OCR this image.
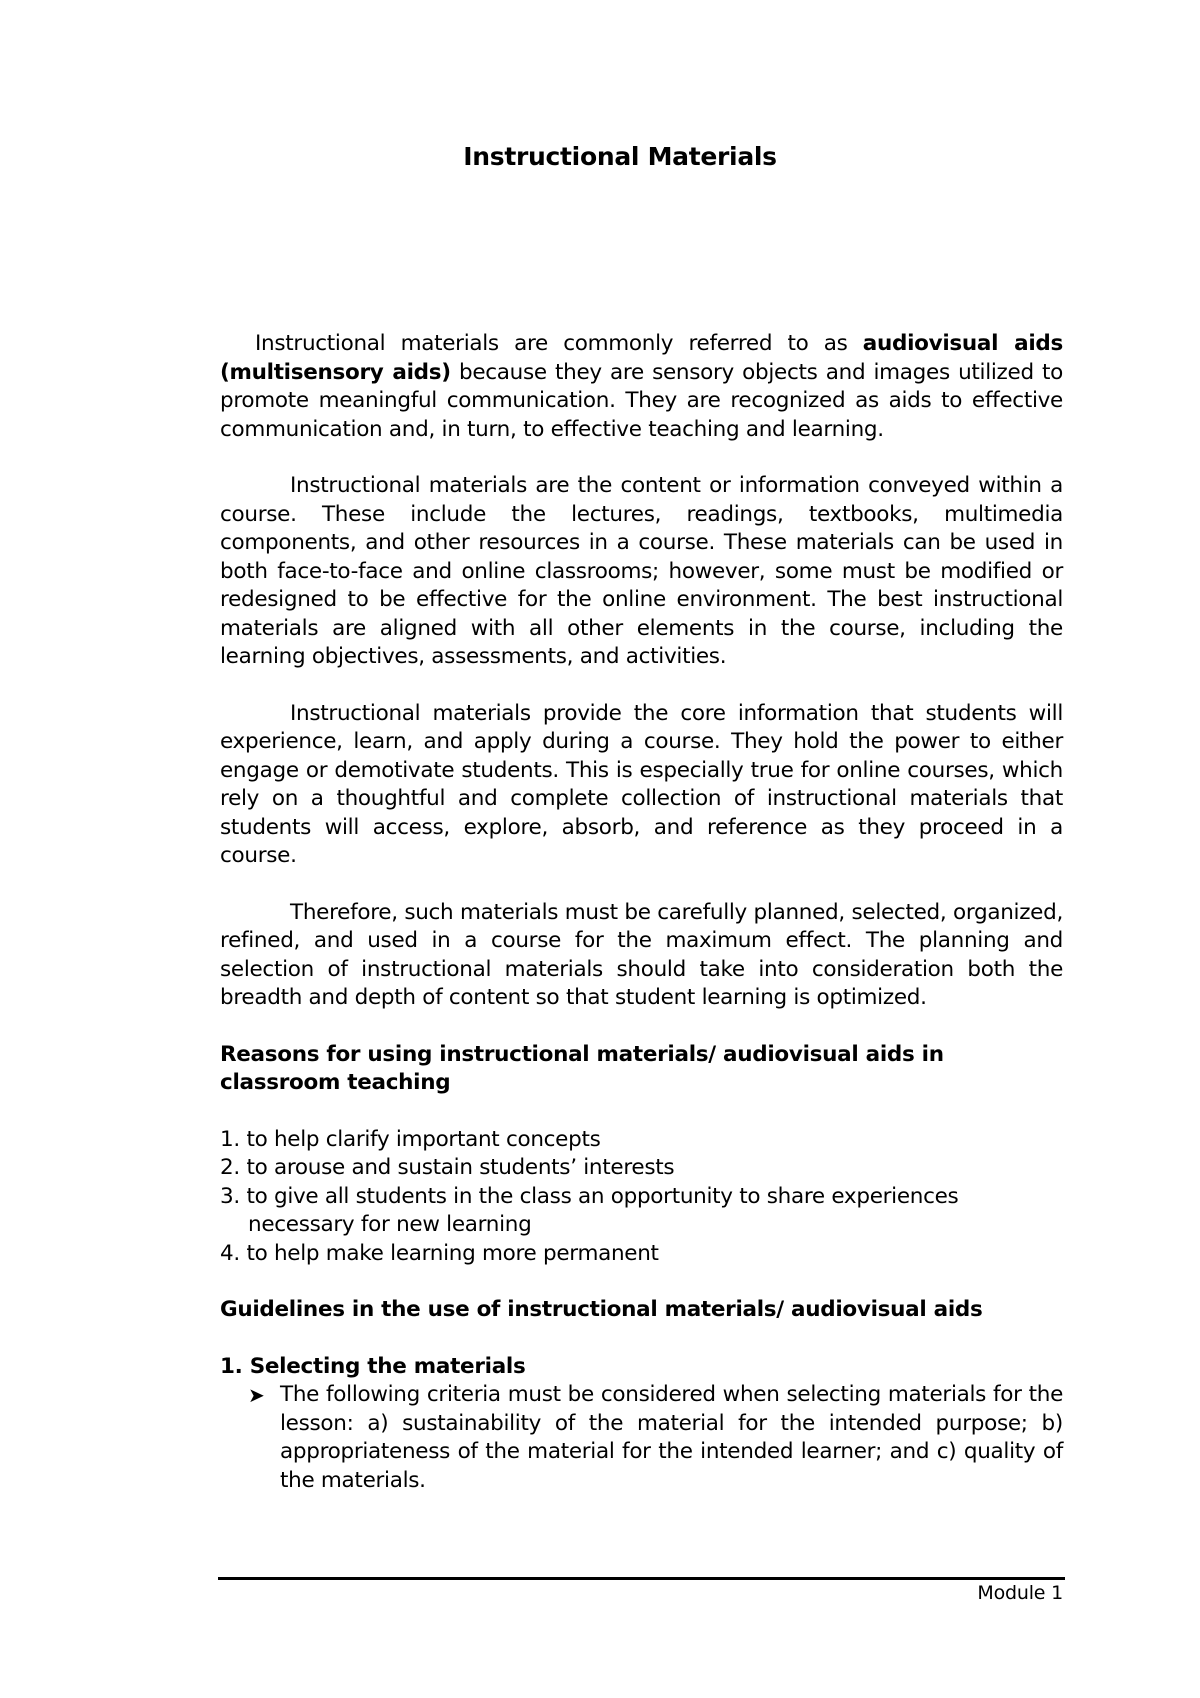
Instructional Materials

Instructional materials are commonly referred to as audiovisual aids (multisensory aids) because they are sensory objects and images utilized to promote meaningful communication. They are recognized as aids to effective communication and, in turn, to effective teaching and learning.

Instructional materials are the content or information conveyed within a course. These include the lectures, readings, textbooks, multimedia components, and other resources in a course. These materials can be used in both face-to-face and online classrooms; however, some must be modified or redesigned to be effective for the online environment. The best instructional materials are aligned with all other elements in the course, including the learning objectives, assessments, and activities.

Instructional materials provide the core information that students will experience, learn, and apply during a course. They hold the power to either engage or demotivate students. This is especially true for online courses, which rely on a thoughtful and complete collection of instructional materials that students will access, explore, absorb, and reference as they proceed in a course.

Therefore, such materials must be carefully planned, selected, organized, refined, and used in a course for the maximum effect. The planning and selection of instructional materials should take into consideration both the breadth and depth of content so that student learning is optimized.

Reasons for using instructional materials/ audiovisual aids in classroom teaching
1. to help clarify important concepts
2. to arouse and sustain students’ interests
3. to give all students in the class an opportunity to share experiences necessary for new learning
4. to help make learning more permanent
Guidelines in the use of instructional materials/ audiovisual aids
1. Selecting the materials
➤ The following criteria must be considered when selecting materials for the lesson: a) sustainability of the material for the intended purpose; b) appropriateness of the material for the intended learner; and c) quality of the materials.
Module 1
